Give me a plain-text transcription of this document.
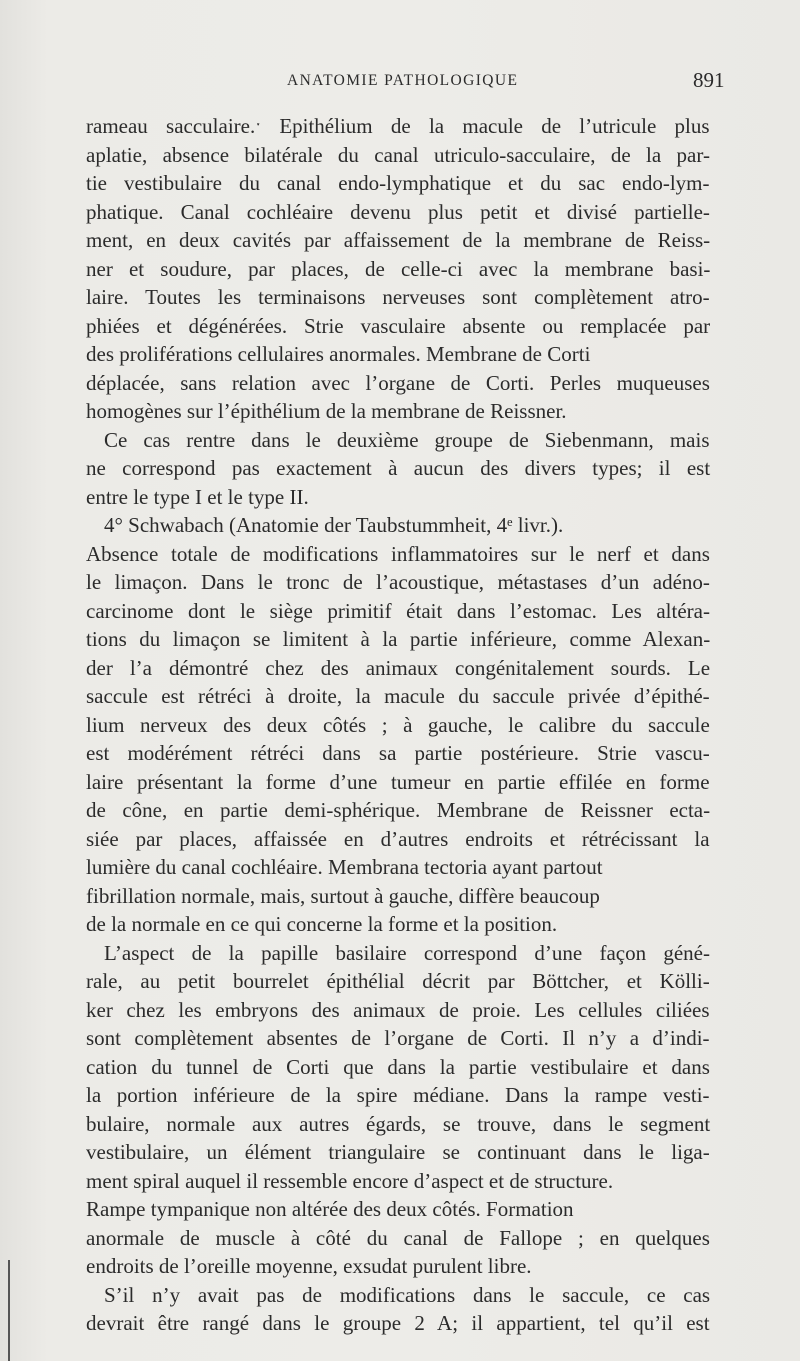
ANATOMIE PATHOLOGIQUE	891
rameau sacculaire.ˑ Epithélium de la macule de l’utricule plus
aplatie, absence bilatérale du canal utriculo-sacculaire, de la par-
tie vestibulaire du canal endo-lymphatique et du sac endo-lym-
phatique. Canal cochléaire devenu plus petit et divisé partielle-
ment, en deux cavités par affaissement de la membrane de Reiss-
ner et soudure, par places, de celle-ci avec la membrane basi-
laire. Toutes les terminaisons nerveuses sont complètement atro-
phiées et dégénérées. Strie vasculaire absente ou remplacée par
des proliférations cellulaires anormales. Membrane de Corti
déplacée, sans relation avec l’organe de Corti. Perles muqueuses
homogènes sur l’épithélium de la membrane de Reissner.
Ce cas rentre dans le deuxième groupe de Siebenmann, mais
ne correspond pas exactement à aucun des divers types; il est
entre le type I et le type II.
4° Schwabach (Anatomie der Taubstummheit, 4ᵉ livr.).
Absence totale de modifications inflammatoires sur le nerf et dans
le limaçon. Dans le tronc de l’acoustique, métastases d’un adéno-
carcinome dont le siège primitif était dans l’estomac. Les altéra-
tions du limaçon se limitent à la partie inférieure, comme Alexan-
der l’a démontré chez des animaux congénitalement sourds. Le
saccule est rétréci à droite, la macule du saccule privée d’épithé-
lium nerveux des deux côtés ; à gauche, le calibre du saccule
est modérément rétréci dans sa partie postérieure. Strie vascu-
laire présentant la forme d’une tumeur en partie effilée en forme
de cône, en partie demi-sphérique. Membrane de Reissner ecta-
siée par places, affaissée en d’autres endroits et rétrécissant la
lumière du canal cochléaire. Membrana tectoria ayant partout
fibrillation normale, mais, surtout à gauche, diffère beaucoup
de la normale en ce qui concerne la forme et la position.
L’aspect de la papille basilaire correspond d’une façon géné-
rale, au petit bourrelet épithélial décrit par Böttcher, et Kölli-
ker chez les embryons des animaux de proie. Les cellules ciliées
sont complètement absentes de l’organe de Corti. Il n’y a d’indi-
cation du tunnel de Corti que dans la partie vestibulaire et dans
la portion inférieure de la spire médiane. Dans la rampe vesti-
bulaire, normale aux autres égards, se trouve, dans le segment
vestibulaire, un élément triangulaire se continuant dans le liga-
ment spiral auquel il ressemble encore d’aspect et de structure.
Rampe tympanique non altérée des deux côtés. Formation
anormale de muscle à côté du canal de Fallope ; en quelques
endroits de l’oreille moyenne, exsudat purulent libre.
S’il n’y avait pas de modifications dans le saccule, ce cas
devrait être rangé dans le groupe 2 A; il appartient, tel qu’il est
